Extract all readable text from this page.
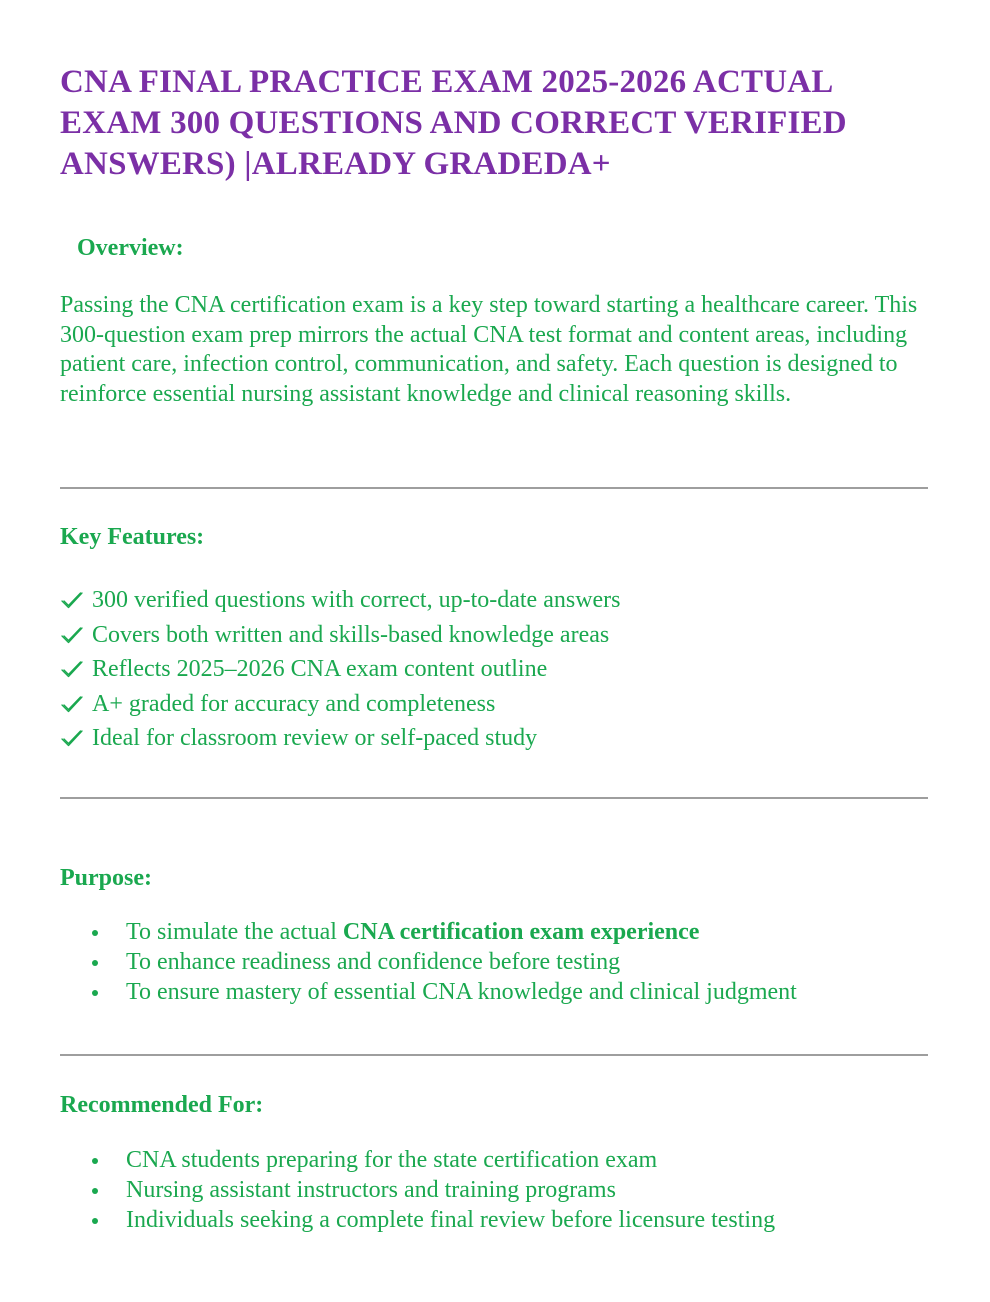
CNA FINAL PRACTICE EXAM 2025-2026 ACTUAL EXAM 300 QUESTIONS AND CORRECT VERIFIED ANSWERS) |ALREADY GRADEDA+
Overview:

Passing the CNA certification exam is a key step toward starting a healthcare career. This 300-question exam prep mirrors the actual CNA test format and content areas, including patient care, infection control, communication, and safety. Each question is designed to reinforce essential nursing assistant knowledge and clinical reasoning skills.

Key Features:
300 verified questions with correct, up-to-date answers
Covers both written and skills-based knowledge areas
Reflects 2025–2026 CNA exam content outline
A+ graded for accuracy and completeness
Ideal for classroom review or self-paced study
Purpose:
To simulate the actual CNA certification exam experience
To enhance readiness and confidence before testing
To ensure mastery of essential CNA knowledge and clinical judgment
Recommended For:
CNA students preparing for the state certification exam
Nursing assistant instructors and training programs
Individuals seeking a complete final review before licensure testing
